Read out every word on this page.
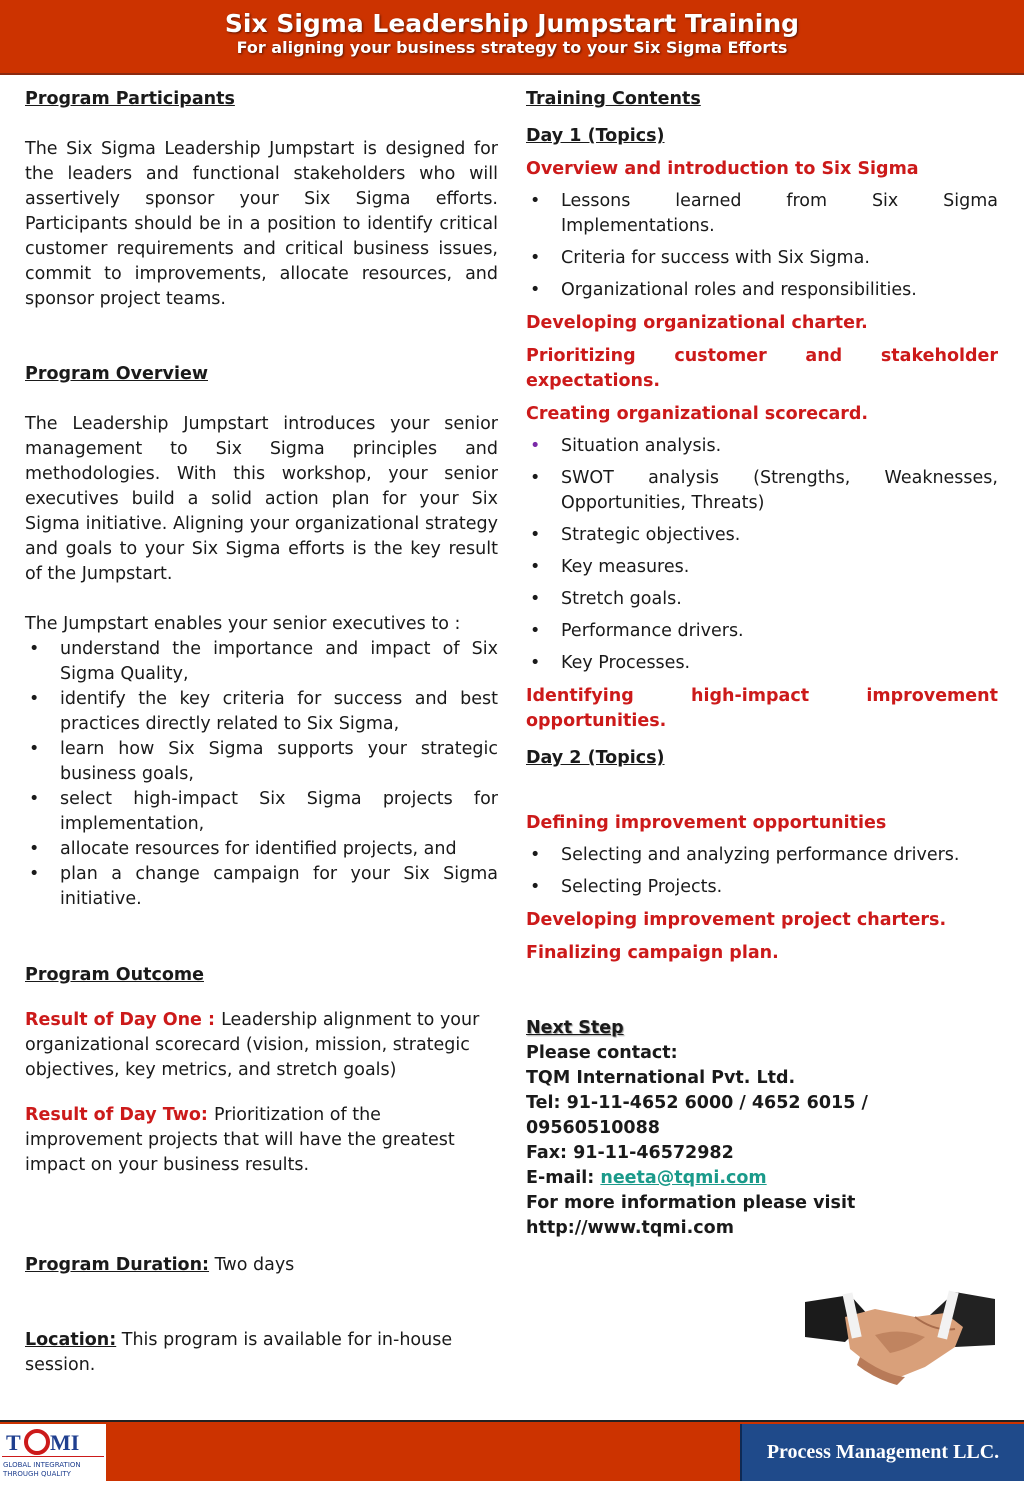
Six Sigma Leadership Jumpstart Training
For aligning your business strategy to your Six Sigma Efforts
Program Participants

The Six Sigma Leadership Jumpstart is designed for the leaders and functional stakeholders who will assertively sponsor your Six Sigma efforts. Participants should be in a position to identify critical customer requirements and critical business issues, commit to improvements, allocate resources, and sponsor project teams.

Program Overview

The Leadership Jumpstart introduces your senior management to Six Sigma principles and methodologies. With this workshop, your senior executives build a solid action plan for your Six Sigma initiative. Aligning your organizational strategy and goals to your Six Sigma efforts is the key result of the Jumpstart.

The Jumpstart enables your senior executives to :

• understand the importance and impact of Six Sigma Quality,
• identify the key criteria for success and best practices directly related to Six Sigma,
• learn how Six Sigma supports your strategic business goals,
• select high-impact Six Sigma projects for implementation,
• allocate resources for identified projects, and
• plan a change campaign for your Six Sigma initiative.
Program Outcome

Result of Day One : Leadership alignment to your organizational scorecard (vision, mission, strategic objectives, key metrics, and stretch goals)

Result of Day Two: Prioritization of the improvement projects that will have the greatest impact on your business results.

Program Duration: Two days
Location: This program is available for in-house session.
Training Contents
Day 1 (Topics)

Overview and introduction to Six Sigma

• Lessons learned from Six Sigma Implementations.
• Criteria for success with Six Sigma.
• Organizational roles and responsibilities.

Developing organizational charter.

Prioritizing customer and stakeholder expectations.

Creating organizational scorecard.

• Situation analysis.
• SWOT analysis (Strengths, Weaknesses, Opportunities, Threats)
• Strategic objectives.
• Key measures.
• Stretch goals.
• Performance drivers.
• Key Processes.

Identifying high-impact improvement opportunities.

Day 2 (Topics)

Defining improvement opportunities

• Selecting and analyzing performance drivers.
• Selecting Projects.

Developing improvement project charters.

Finalizing campaign plan.

Next Step
Please contact:
TQM International Pvt. Ltd.
Tel: 91-11-4652 6000 / 4652 6015 / 09560510088
Fax: 91-11-46572982
E-mail: neeta@tqmi.com
For more information please visit
http://www.tqmi.com
T MI
GLOBAL INTEGRATION
THROUGH QUALITY
Process Management LLC.
